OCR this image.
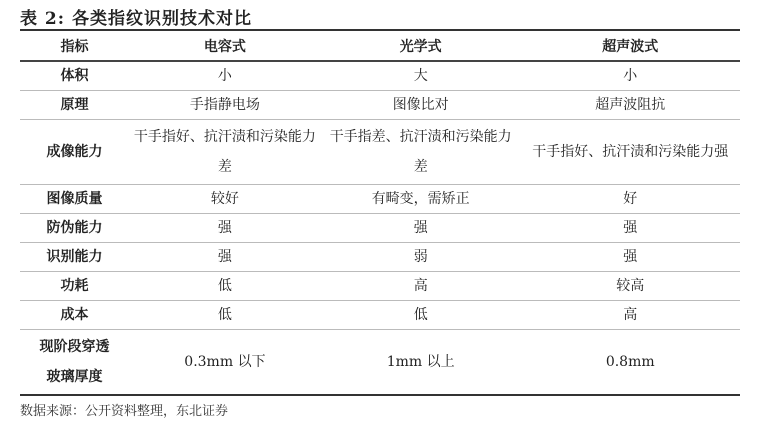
表 2: 各类指纹识别技术对比
指标	电容式	光学式	超声波式
体积	小	大	小
原理	手指静电场	图像比对	超声波阻抗
成像能力	干手指好、抗汗渍和污染能力差	干手指差、抗汗渍和污染能力差	干手指好、抗汗渍和污染能力强
图像质量	较好	有畸变，需矫正	好
防伪能力	强	强	强
识别能力	强	弱	强
功耗	低	高	较高
成本	低	低	高
现阶段穿透玻璃厚度	0.3mm 以下	1mm 以上	0.8mm
数据来源：公开资料整理，东北证券
